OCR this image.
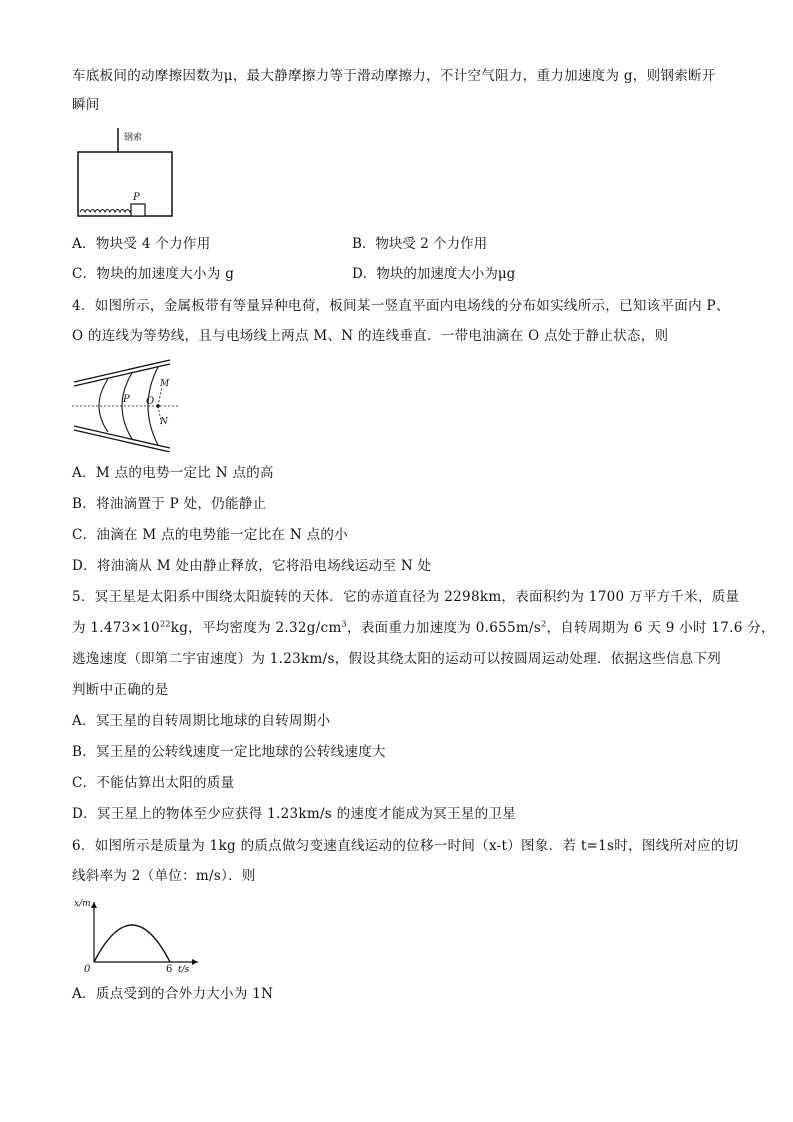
车底板间的动摩擦因数为μ，最大静摩擦力等于滑动摩擦力，不计空气阻力，重力加速度为 g，则钢索断开
瞬间
钢索
P
A．物块受 4 个力作用	B．物块受 2 个力作用
C．物块的加速度大小为 g	D．物块的加速度大小为μg
4．如图所示，金属板带有等量异种电荷，板间某一竖直平面内电场线的分布如实线所示，已知该平面内 P、
O 的连线为等势线，且与电场线上两点 M、N 的连线垂直．一带电油滴在 O 点处于静止状态，则
P O
M
N
A．M 点的电势一定比 N 点的高
B．将油滴置于 P 处，仍能静止
C．油滴在 M 点的电势能一定比在 N 点的小
D．将油滴从 M 处由静止释放，它将沿电场线运动至 N 处
5．冥王星是太阳系中围绕太阳旋转的天体．它的赤道直径为 2298km，表面积约为 1700 万平方千米，质量
为 $1.473\times 10^{22}kg$，平均密度为 $2.32g/cm^3$，表面重力加速度为 $0.655m/s^2$，自转周期为 6 天 9 小时 17.6 分，
逃逸速度（即第二宇宙速度）为 1.23km/s，假设其绕太阳的运动可以按圆周运动处理．依据这些信息下列
判断中正确的是
A．冥王星的自转周期比地球的自转周期小
B．冥王星的公转线速度一定比地球的公转线速度大
C．不能估算出太阳的质量
D．冥王星上的物体至少应获得 1.23km/s 的速度才能成为冥王星的卫星
6．如图所示是质量为 1kg 的质点做匀变速直线运动的位移一时间（x-t）图象．若 t=1s时，图线所对应的切
线斜率为 2（单位：m/s）．则
x/m
0	6 t/s
A．质点受到的合外力大小为 1N
